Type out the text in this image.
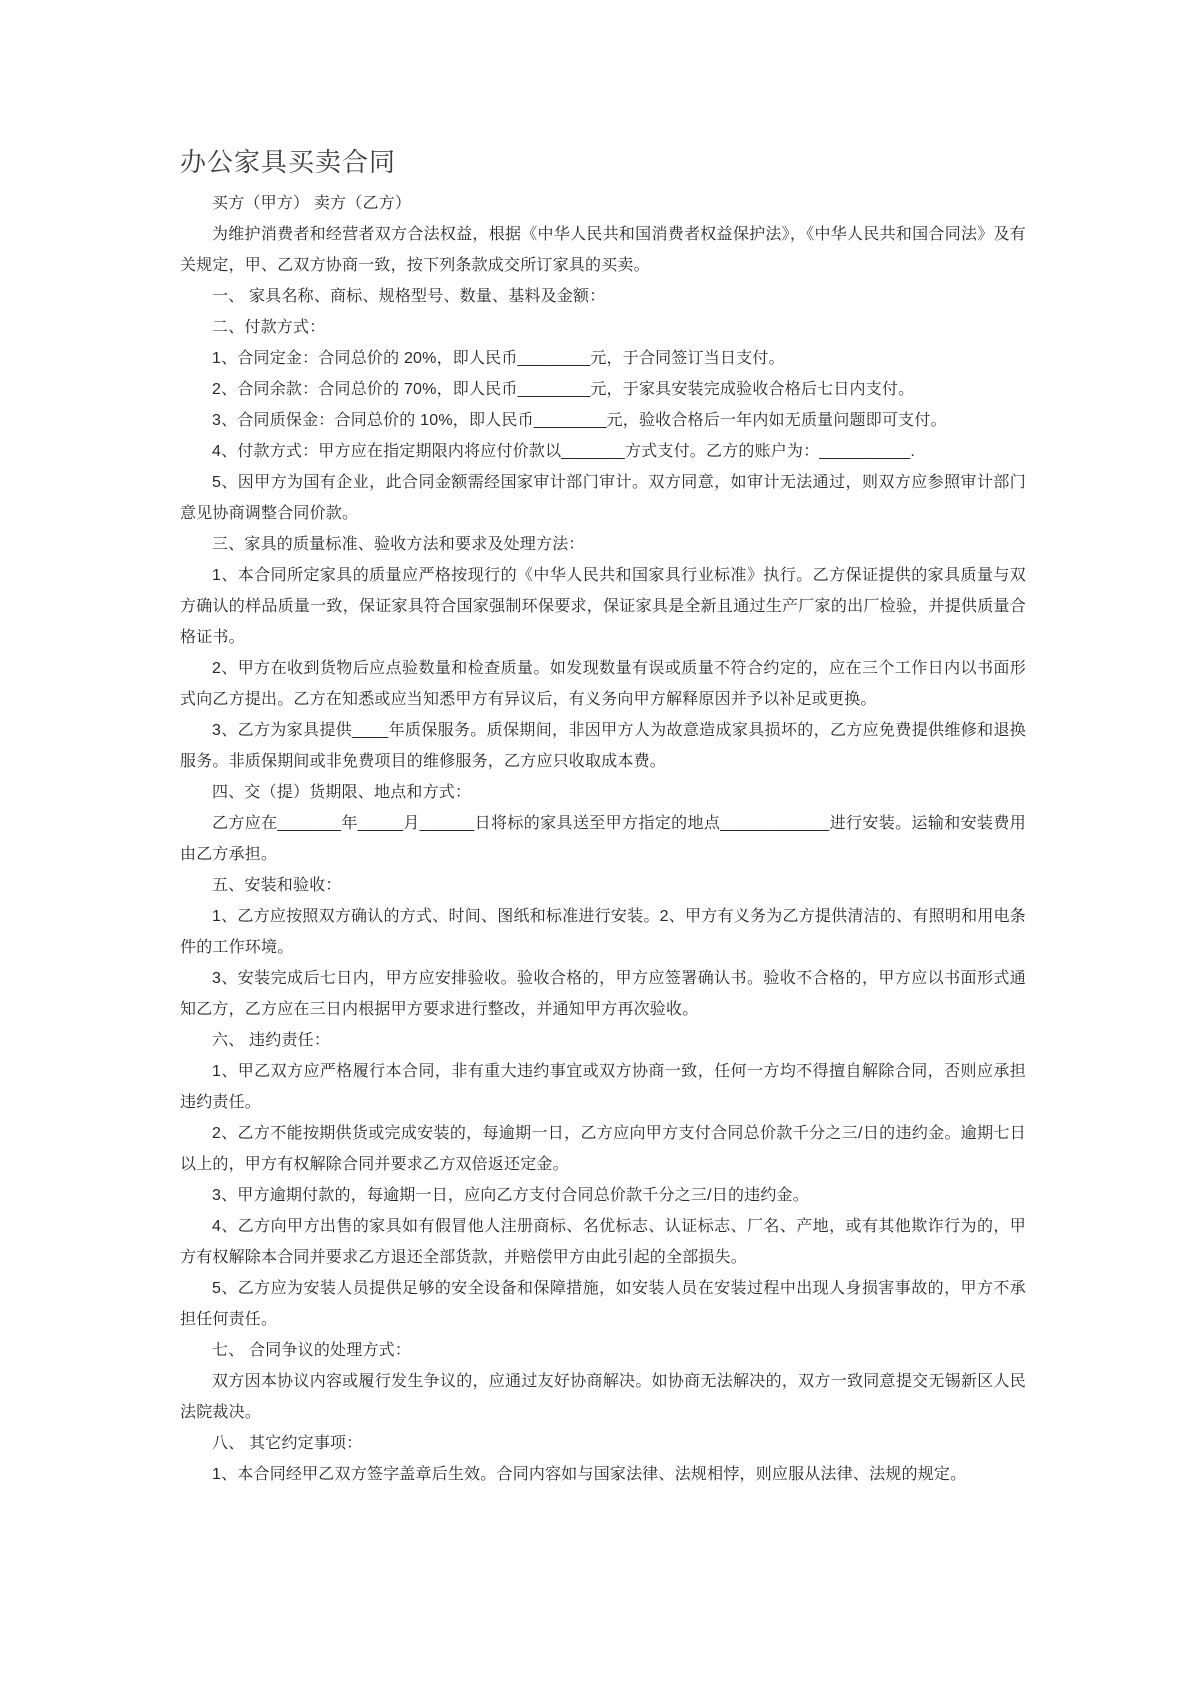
办公家具买卖合同

买方（甲方） 卖方（乙方）

为维护消费者和经营者双方合法权益，根据《中华人民共和国消费者权益保护法》，《中华人民共和国合同法》及有关规定，甲、乙双方协商一致，按下列条款成交所订家具的买卖。

一、 家具名称、商标、规格型号、数量、基料及金额：

二、付款方式：

1、合同定金：合同总价的 20%，即人民币________元，于合同签订当日支付。

2、合同余款：合同总价的 70%，即人民币________元，于家具安装完成验收合格后七日内支付。

3、合同质保金：合同总价的 10%，即人民币________元，验收合格后一年内如无质量问题即可支付。

4、付款方式：甲方应在指定期限内将应付价款以_______方式支付。乙方的账户为：__________.

5、因甲方为国有企业，此合同金额需经国家审计部门审计。双方同意，如审计无法通过，则双方应参照审计部门意见协商调整合同价款。

三、家具的质量标准、验收方法和要求及处理方法：

1、本合同所定家具的质量应严格按现行的《中华人民共和国家具行业标准》执行。乙方保证提供的家具质量与双方确认的样品质量一致，保证家具符合国家强制环保要求，保证家具是全新且通过生产厂家的出厂检验，并提供质量合格证书。

2、甲方在收到货物后应点验数量和检查质量。如发现数量有误或质量不符合约定的，应在三个工作日内以书面形式向乙方提出。乙方在知悉或应当知悉甲方有异议后，有义务向甲方解释原因并予以补足或更换。

3、乙方为家具提供____年质保服务。质保期间，非因甲方人为故意造成家具损坏的，乙方应免费提供维修和退换服务。非质保期间或非免费项目的维修服务，乙方应只收取成本费。

四、交（提）货期限、地点和方式：

乙方应在_______年_____月______日将标的家具送至甲方指定的地点____________进行安装。运输和安装费用由乙方承担。

五、安装和验收：

1、乙方应按照双方确认的方式、时间、图纸和标准进行安装。2、甲方有义务为乙方提供清洁的、有照明和用电条件的工作环境。

3、安装完成后七日内，甲方应安排验收。验收合格的，甲方应签署确认书。验收不合格的，甲方应以书面形式通知乙方，乙方应在三日内根据甲方要求进行整改，并通知甲方再次验收。

六、 违约责任：

1、甲乙双方应严格履行本合同，非有重大违约事宜或双方协商一致，任何一方均不得擅自解除合同，否则应承担违约责任。

2、乙方不能按期供货或完成安装的，每逾期一日，乙方应向甲方支付合同总价款千分之三/日的违约金。逾期七日以上的，甲方有权解除合同并要求乙方双倍返还定金。

3、甲方逾期付款的，每逾期一日，应向乙方支付合同总价款千分之三/日的违约金。

4、乙方向甲方出售的家具如有假冒他人注册商标、名优标志、认证标志、厂名、产地，或有其他欺诈行为的，甲方有权解除本合同并要求乙方退还全部货款，并赔偿甲方由此引起的全部损失。

5、乙方应为安装人员提供足够的安全设备和保障措施，如安装人员在安装过程中出现人身损害事故的，甲方不承担任何责任。

七、 合同争议的处理方式：

双方因本协议内容或履行发生争议的，应通过友好协商解决。如协商无法解决的，双方一致同意提交无锡新区人民法院裁决。

八、 其它约定事项：

1、本合同经甲乙双方签字盖章后生效。合同内容如与国家法律、法规相悖，则应服从法律、法规的规定。
